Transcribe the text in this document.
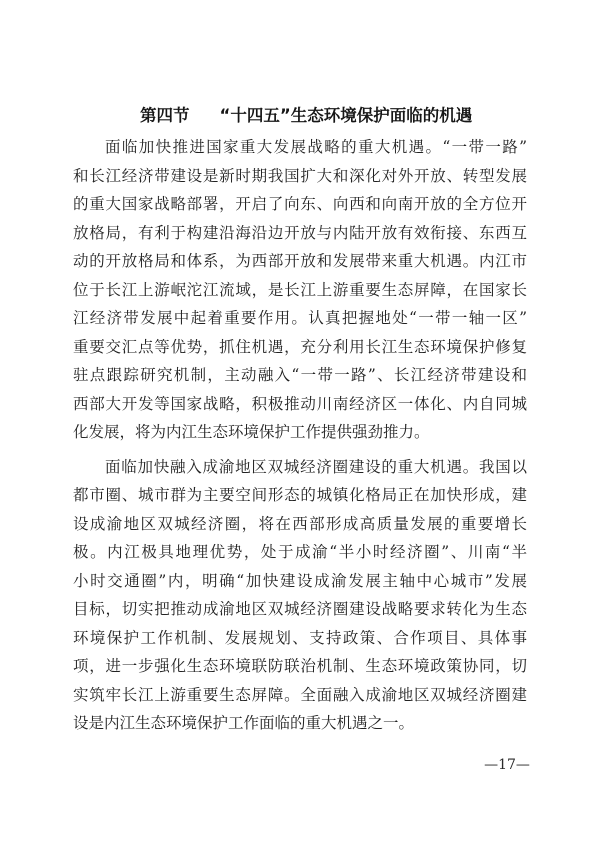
第四节 “十四五”生态环境保护面临的机遇
面临加快推进国家重大发展战略的重大机遇。“一带一路”
和长江经济带建设是新时期我国扩大和深化对外开放、转型发展
的重大国家战略部署，开启了向东、向西和向南开放的全方位开
放格局，有利于构建沿海沿边开放与内陆开放有效衔接、东西互
动的开放格局和体系，为西部开放和发展带来重大机遇。内江市
位于长江上游岷沱江流域，是长江上游重要生态屏障，在国家长
江经济带发展中起着重要作用。认真把握地处“一带一轴一区”
重要交汇点等优势，抓住机遇，充分利用长江生态环境保护修复
驻点跟踪研究机制，主动融入“一带一路”、长江经济带建设和
西部大开发等国家战略，积极推动川南经济区一体化、内自同城
化发展，将为内江生态环境保护工作提供强劲推力。
面临加快融入成渝地区双城经济圈建设的重大机遇。我国以
都市圈、城市群为主要空间形态的城镇化格局正在加快形成，建
设成渝地区双城经济圈，将在西部形成高质量发展的重要增长
极。内江极具地理优势，处于成渝“半小时经济圈”、川南“半
小时交通圈”内，明确“加快建设成渝发展主轴中心城市”发展
目标，切实把推动成渝地区双城经济圈建设战略要求转化为生态
环境保护工作机制、发展规划、支持政策、合作项目、具体事
项，进一步强化生态环境联防联治机制、生态环境政策协同，切
实筑牢长江上游重要生态屏障。全面融入成渝地区双城经济圈建
设是内江生态环境保护工作面临的重大机遇之一。
—17—
